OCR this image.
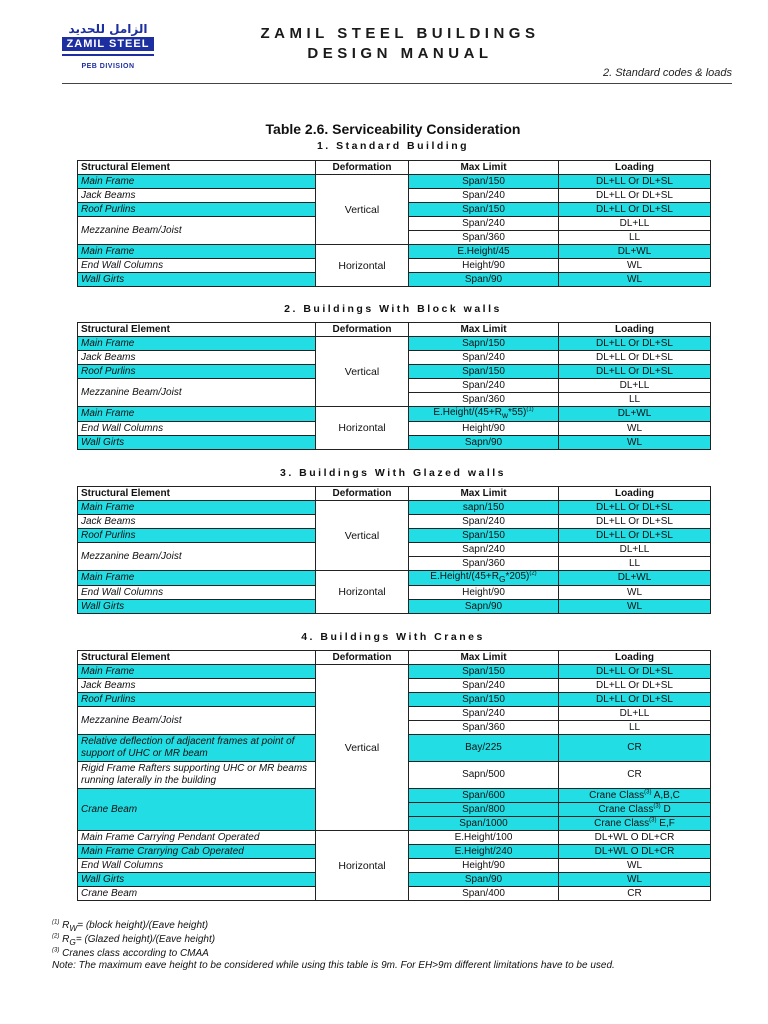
الزامل للحديد
ZAMIL STEEL
PEB DIVISION
ZAMIL STEEL BUILDINGS
DESIGN MANUAL
2. Standard codes & loads
Table 2.6. Serviceability Consideration
1. Standard Building
Structural Element	Deformation	Max Limit	Loading
Main Frame	Vertical	Span/150	DL+LL Or DL+SL
Jack Beams		Span/240	DL+LL Or DL+SL
Roof Purlins		Span/150	DL+LL Or DL+SL
Mezzanine Beam/Joist		Span/240	DL+LL
		Span/360	LL
Main Frame	Horizontal	E.Height/45	DL+WL
End Wall Columns		Height/90	WL
Wall Girts		Span/90	WL
2. Buildings With Block walls
Structural Element	Deformation	Max Limit	Loading
Main Frame	Vertical	Sapn/150	DL+LL Or DL+SL
Jack Beams		Span/240	DL+LL Or DL+SL
Roof Purlins		Span/150	DL+LL Or DL+SL
Mezzanine Beam/Joist		Span/240	DL+LL
		Span/360	LL
Main Frame	Horizontal	$E.Height/(45+R_w*55)^{(1)}$	DL+WL
End Wall Columns		Height/90	WL
Wall Girts		Sapn/90	WL
3. Buildings With Glazed walls
Structural Element	Deformation	Max Limit	Loading
Main Frame	Vertical	sapn/150	DL+LL Or DL+SL
Jack Beams		Span/240	DL+LL Or DL+SL
Roof Purlins		Span/150	DL+LL Or DL+SL
Mezzanine Beam/Joist		Sapn/240	DL+LL
		Span/360	LL
Main Frame	Horizontal	$E.Height/(45+R_G*205)^{(2)}$	DL+WL
End Wall Columns		Height/90	WL
Wall Girts		Sapn/90	WL
4. Buildings With Cranes
Structural Element	Deformation	Max Limit	Loading
Main Frame	Vertical	Span/150	DL+LL Or DL+SL
Jack Beams		Span/240	DL+LL Or DL+SL
Roof Purlins		Span/150	DL+LL Or DL+SL
Mezzanine Beam/Joist		Span/240	DL+LL
		Span/360	LL
Relative deflection of adjacent frames at point of support of UHC or MR beam		Bay/225	CR
Rigid Frame Rafters supporting UHC or MR beams running laterally in the building		Sapn/500	CR
Crane Beam		Span/600	Crane Class$^{(3)}$ A,B,C
		Span/800	Crane Class$^{(3)}$ D
		Span/1000	Crane Class$^{(3)}$ E,F
Main Frame Carrying Pendant Operated	Horizontal	E.Height/100	DL+WL O DL+CR
Main Frame Crarrying Cab Operated		E.Height/240	DL+WL O DL+CR
End Wall Columns		Height/90	WL
Wall Girts		Span/90	WL
Crane Beam		Span/400	CR
$^{(1)}$ $R_W=$ (block height)/(Eave height)
$^{(2)}$ $R_G=$ (Glazed height)/(Eave height)
$^{(3)}$ Cranes class according to CMAA
Note: The maximum eave height to be considered while using this table is 9m. For EH>9m different limitations have to be used.
